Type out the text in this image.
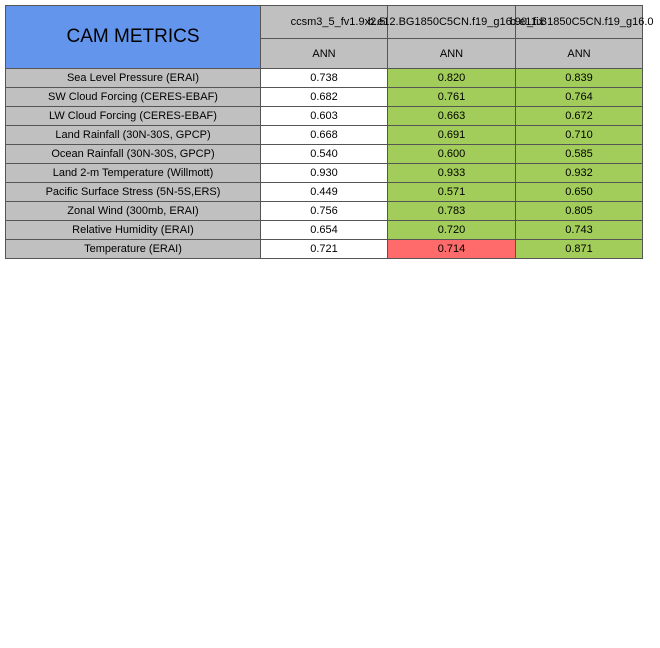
CAM METRICS	ccsm3_5_fv1.9x2.5	b.e12.BG1850C5CN.f19_g16.90_fix	b.e11.B1850C5CN.f19_g16.0
	ANN	ANN	ANN
Sea Level Pressure (ERAI)	0.738	0.820	0.839
SW Cloud Forcing (CERES-EBAF)	0.682	0.761	0.764
LW Cloud Forcing (CERES-EBAF)	0.603	0.663	0.672
Land Rainfall (30N-30S, GPCP)	0.668	0.691	0.710
Ocean Rainfall (30N-30S, GPCP)	0.540	0.600	0.585
Land 2-m Temperature (Willmott)	0.930	0.933	0.932
Pacific Surface Stress (5N-5S,ERS)	0.449	0.571	0.650
Zonal Wind (300mb, ERAI)	0.756	0.783	0.805
Relative Humidity (ERAI)	0.654	0.720	0.743
Temperature (ERAI)	0.721	0.714	0.871
